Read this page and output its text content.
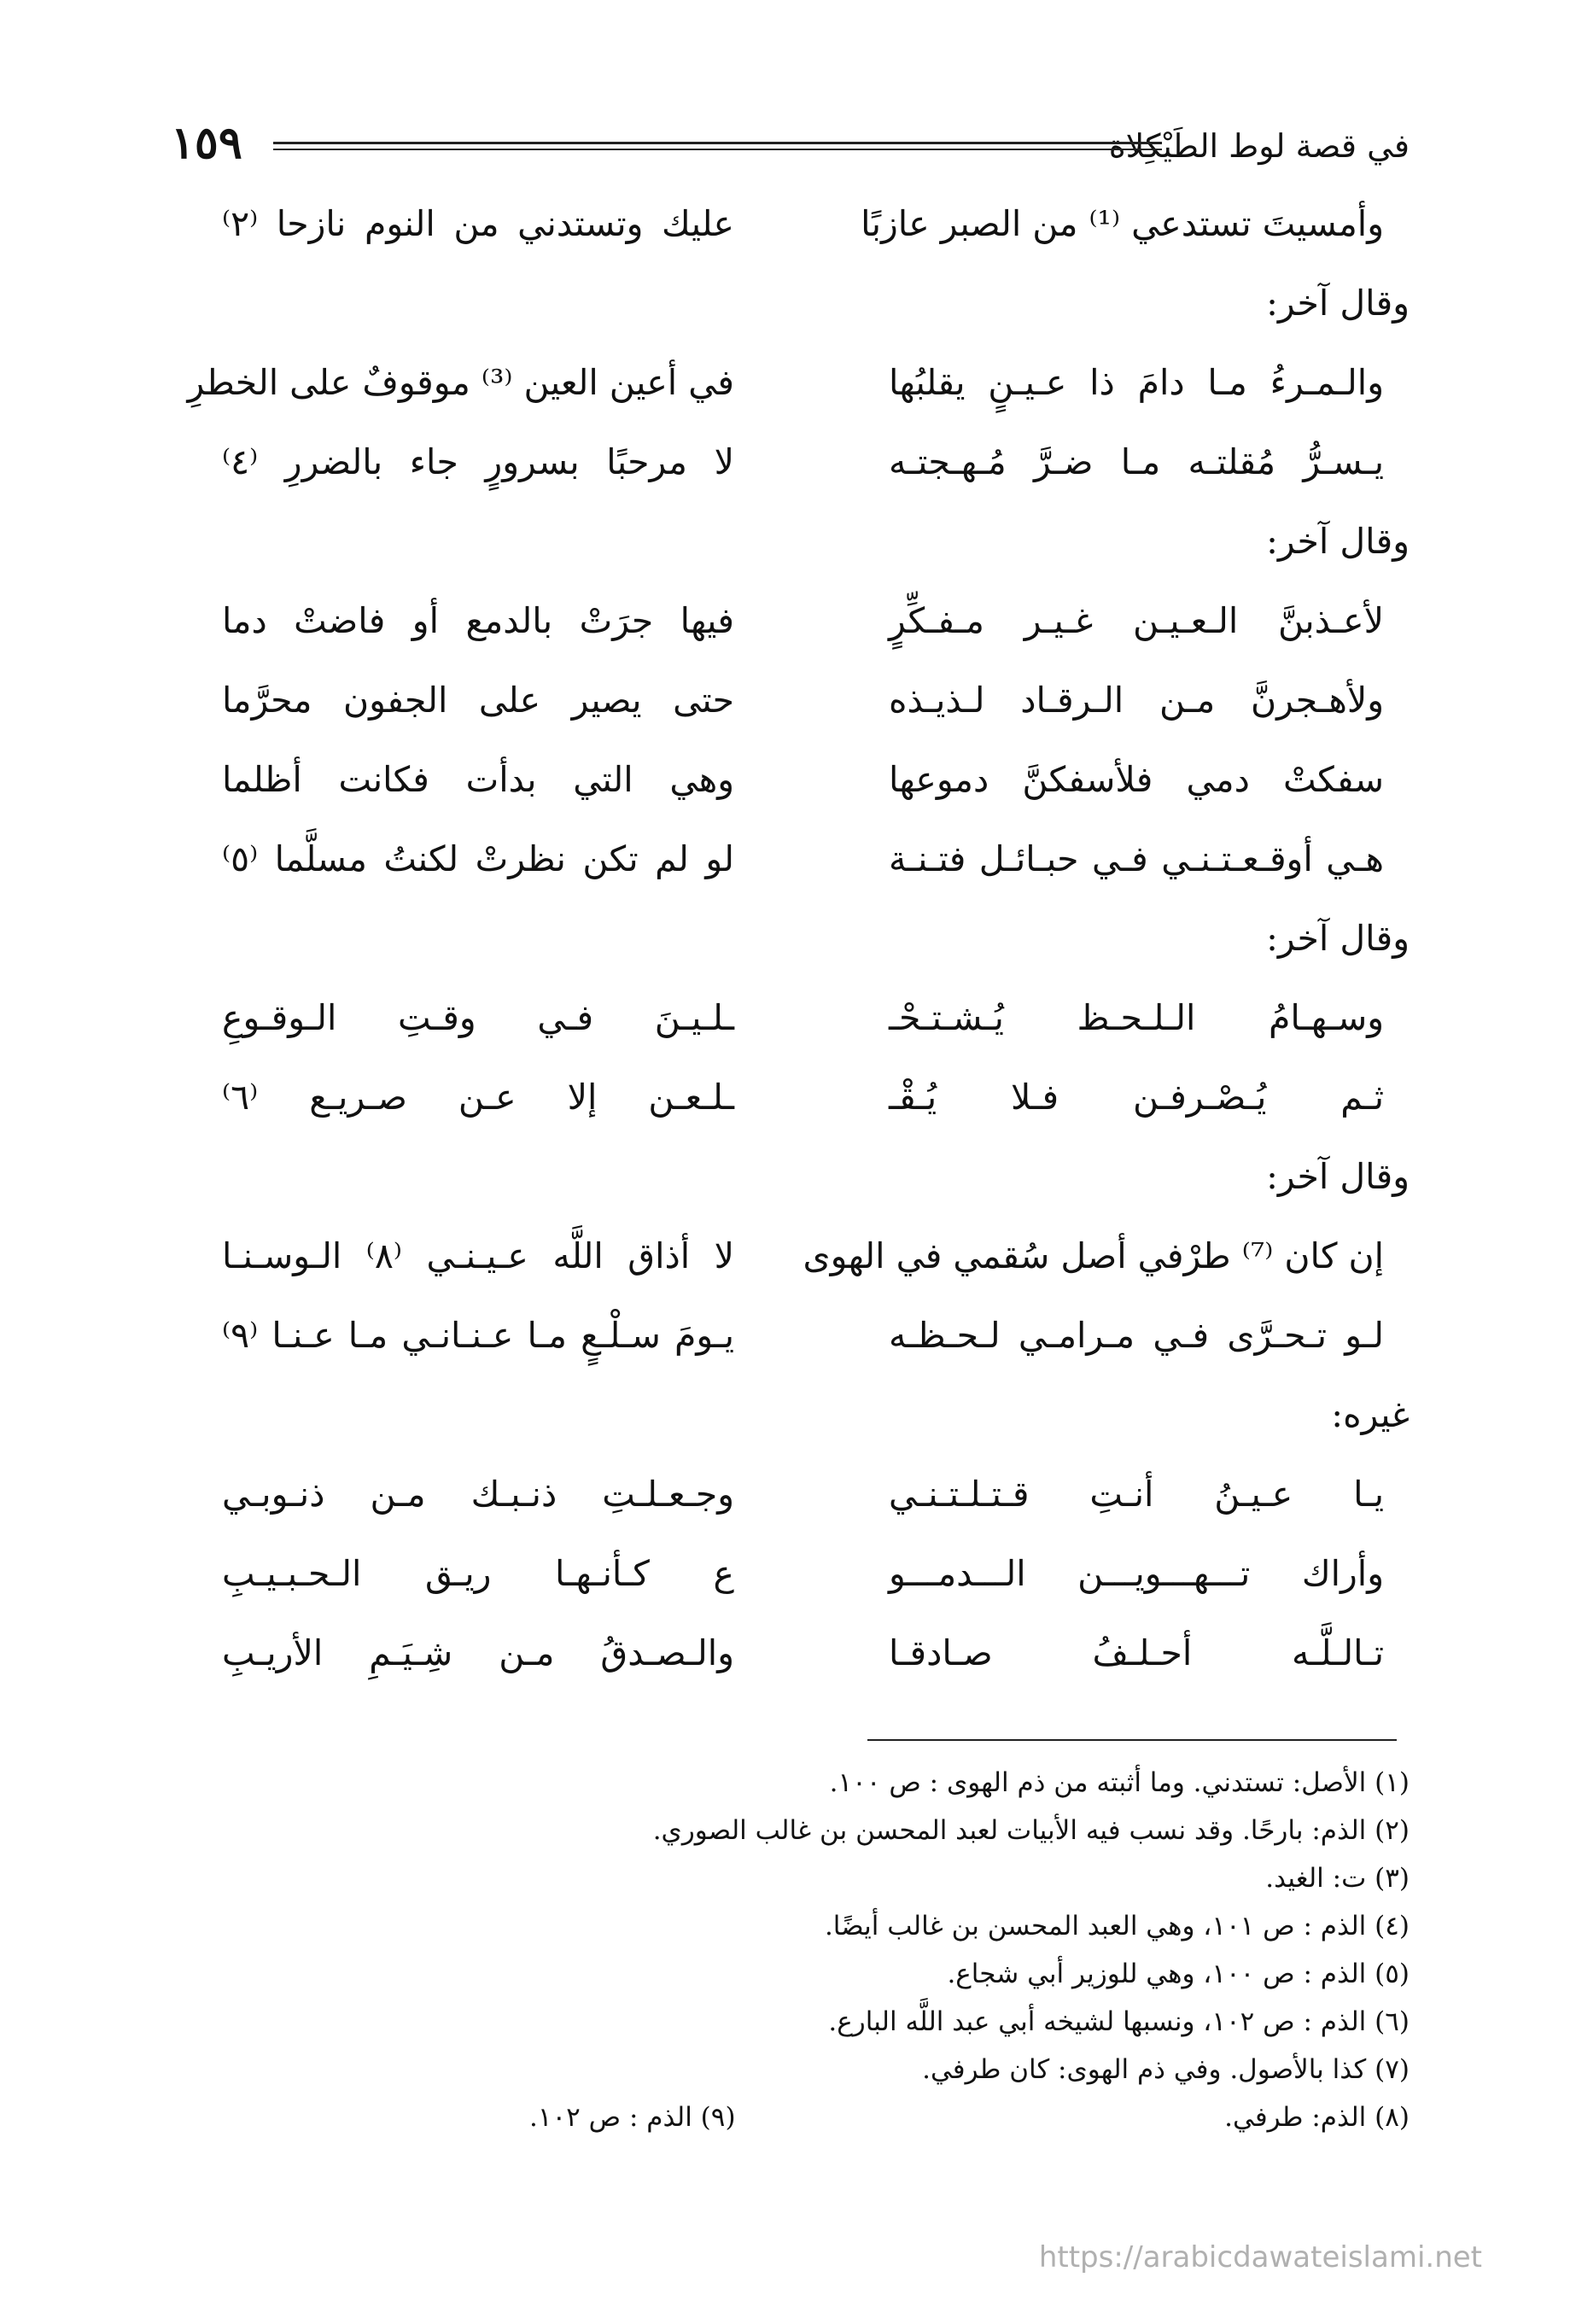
في قصة لوط الطَيْكِلاة
١٥٩
وأمسيتَ تستدعي ⁽¹⁾ من الصبر عازبًا
عليك وتستدني من النوم نازحا ⁽٢⁾
وقال آخر:
والـمـرءُ مـا دامَ ذا عـيـنٍ يقلبُها
في أعين العين ⁽³⁾ موقوفٌ على الخطرِ
يـسـرُّ مُقلتـه مـا ضـرَّ مُـهـجتـه
لا مرحبًا بسرورٍ جاء بالضررِ ⁽٤⁾
وقال آخر:
لأعـذبنَّ الـعـيـن غـيـر مـفـكِّرٍ
فيها جرَتْ بالدمع أو فاضتْ دما
ولأهـجرنَّ مـن الـرقـاد لـذيـذه
حتى يصير على الجفون محرَّما
سفكتْ دمي فلأسفكنَّ دموعها
وهي التي بدأت فكانت أظلما
هـي أوقـعـتـنـي فـي حبـائـل فتـنـة
لو لم تكن نظرتْ لكنتُ مسلَّما ⁽٥⁾
وقال آخر:
وسـهـامُ الـلـحـظ يُـشـتـحْـ
ـلـيـنَ فـي وقـتِ الـوقـوعِ
ثـم يُـصْـرفـن فـلا يُـقْـ
ـلـعـن إلا عـن صـريـع ⁽٦⁾
وقال آخر:
إن كان ⁽⁷⁾ طرْفي أصل سُقمي في الهوى
لا أذاق اللَّه عـيـنـي ⁽٨⁾ الـوسـنـا
لـو تـحـرَّى فـي مـرامـي لـحـظـه
يـومَ سـلْـعٍ مـا عـنـانـي مـا عـنـا ⁽٩⁾
غيره:
يـا عـيـنُ أنـتِ قـتـلـتـنـي
وجـعـلـتِ ذنـبـك مـن ذنـوبـي
وأراك تـــهـــويـــن الـــدمـــو
ع كـأنـهـا ريـق الـحـبـيـبِ
تـالـلَّـه أحـلـفُ صـادقـا
والـصـدقُ مـن شِـيَـمِ الأريـبِ
(١) الأصل: تستدني. وما أثبته من ذم الهوى : ص ١٠٠.
(٢) الذم: بارحًا. وقد نسب فيه الأبيات لعبد المحسن بن غالب الصوري.
(٣) ت: الغيد.
(٤) الذم : ص ١٠١، وهي العبد المحسن بن غالب أيضًا.
(٥) الذم : ص ١٠٠، وهي للوزير أبي شجاع.
(٦) الذم : ص ١٠٢، ونسبها لشيخه أبي عبد اللَّه البارع.
(٧) كذا بالأصول. وفي ذم الهوى: كان طرفي.
(٨) الذم: طرفي.
(٩) الذم : ص ١٠٢.
https://arabicdawateislami.net
